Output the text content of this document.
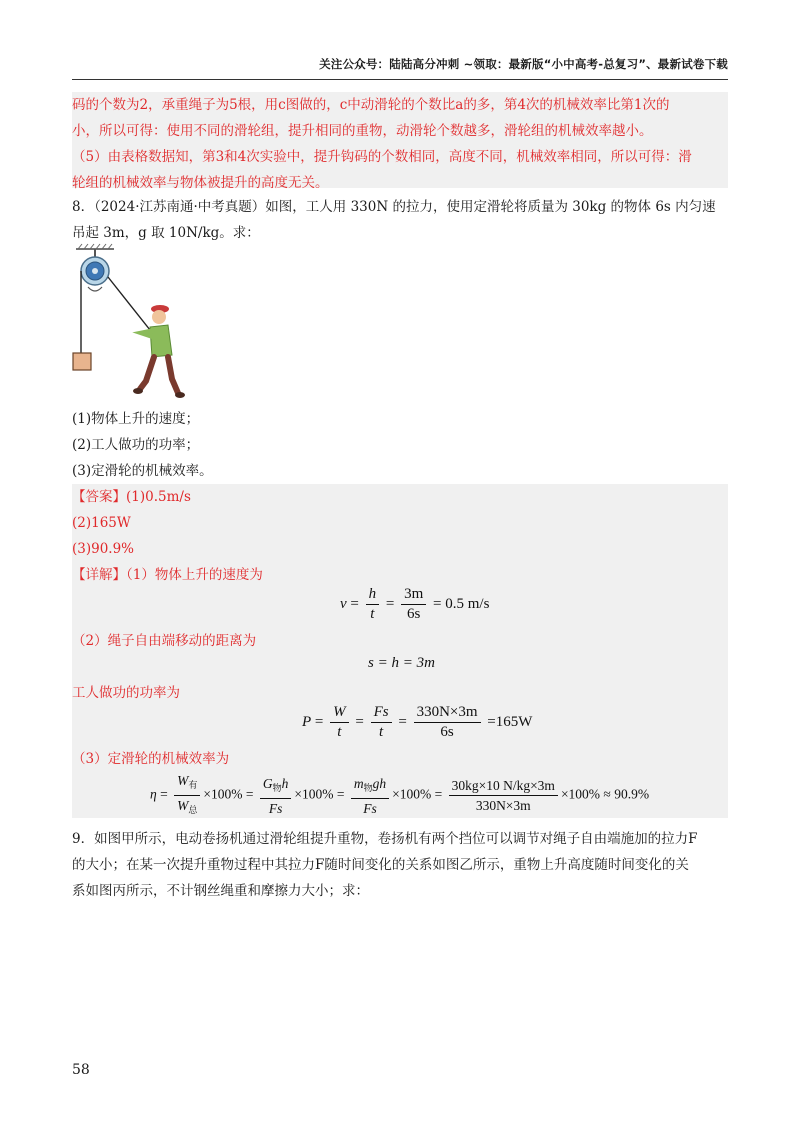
关注公众号：陆陆高分冲刺 ~领取：最新版“小中高考-总复习”、最新试卷下载
码的个数为2，承重绳子为5根，用c图做的，c中动滑轮的个数比a的多，第4次的机械效率比第1次的
小，所以可得：使用不同的滑轮组，提升相同的重物，动滑轮个数越多，滑轮组的机械效率越小。
（5）由表格数据知，第3和4次实验中，提升钩码的个数相同，高度不同，机械效率相同，所以可得：滑
轮组的机械效率与物体被提升的高度无关。
8．（2024·江苏南通·中考真题）如图，工人用 330N 的拉力，使用定滑轮将质量为 30kg 的物体 6s 内匀速
吊起 3m，g 取 10N/kg。求：
(1)物体上升的速度；
(2)工人做功的功率；
(3)定滑轮的机械效率。
【答案】(1)0.5m/s
(2)165W
(3)90.9%
【详解】（1）物体上升的速度为
$v = \frac{h}{t} = \frac{3m}{6s} = 0.5$ m/s
（2）绳子自由端移动的距离为
s = h = 3m
工人做功的功率为
$P = \frac{W}{t} = \frac{Fs}{t} = \frac{330N\times 3m}{6s} =165W$
（3）定滑轮的机械效率为
$\eta = \frac{W_有}{W_总} \times 100\% = \frac{G_物h}{Fs} \times 100\% = \frac{m_物gh}{Fs} \times 100\% = \frac{30kg\times 10 N/kg\times 3m}{330N\times 3m} \times 100\% \approx 90.9\%$
9．如图甲所示，电动卷扬机通过滑轮组提升重物，卷扬机有两个挡位可以调节对绳子自由端施加的拉力F
的大小；在某一次提升重物过程中其拉力F随时间变化的关系如图乙所示，重物上升高度随时间变化的关
系如图丙所示，不计钢丝绳重和摩擦力大小；求：
58
